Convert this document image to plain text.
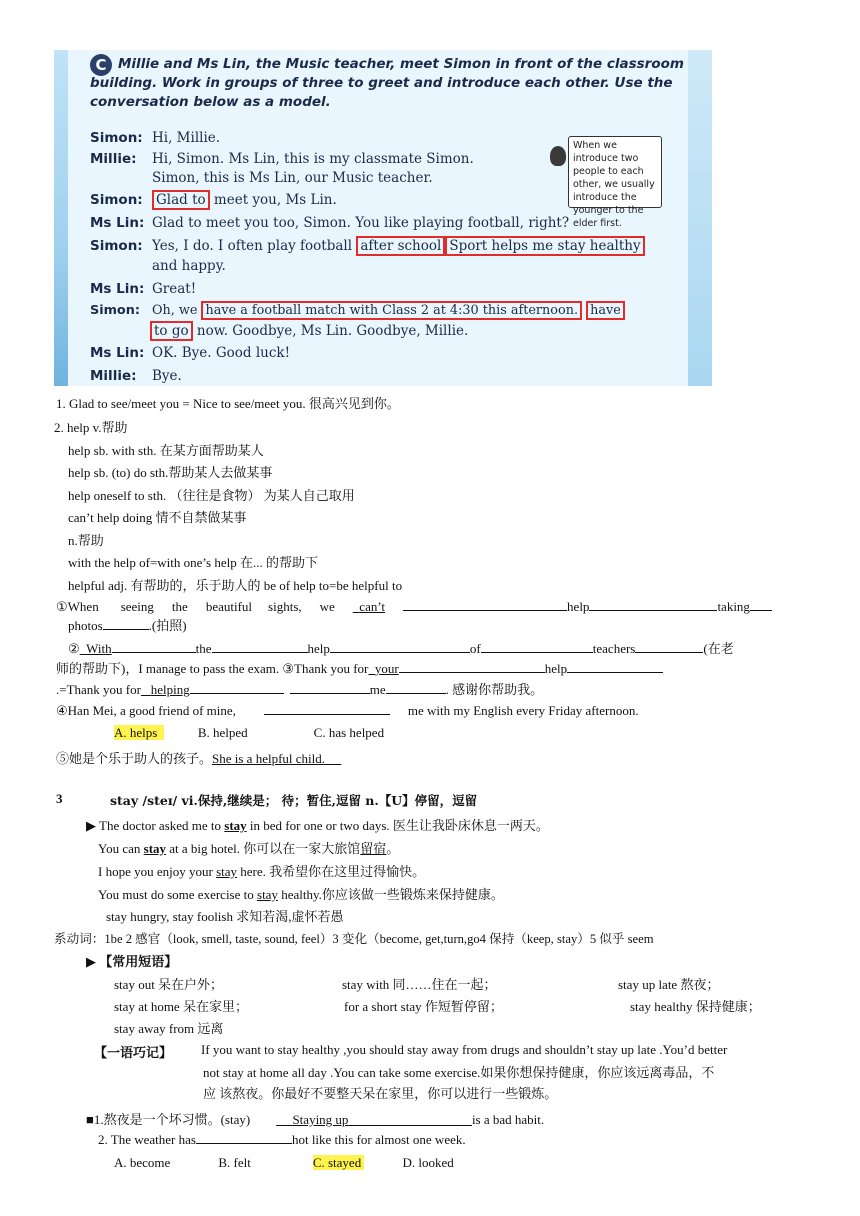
C Millie and Ms Lin, the Music teacher, meet Simon in front of the classroom building. Work in groups of three to greet and introduce each other. Use the conversation below as a model.
Simon: Hi, Millie.
Millie: Hi, Simon. Ms Lin, this is my classmate Simon.
Simon, this is Ms Lin, our Music teacher.
Simon: Glad to meet you, Ms Lin.
Ms Lin: Glad to meet you too, Simon. You like playing football, right?
Simon: Yes, I do. I often play football after school Sport helps me stay healthy
and happy.
Ms Lin: Great!
Simon: Oh, we have a football match with Class 2 at 4:30 this afternoon. have
to go now. Goodbye, Ms Lin. Goodbye, Millie.
Ms Lin: OK. Bye. Good luck!
Millie: Bye.
When we introduce two people to each other, we usually introduce the younger to the elder first.
1. Glad to see/meet you = Nice to see/meet you. 很高兴见到你。
2. help v.帮助
help sb. with sth. 在某方面帮助某人
help sb. (to) do sth.帮助某人去做某事
help oneself to sth. （往往是食物） 为某人自己取用
can’t help doing 情不自禁做某事
n.帮助
with the help of=with one’s help 在... 的帮助下
helpful adj. 有帮助的，乐于助人的 be of help to=be helpful to
①When seeing the beautiful sights, we can’t	help	taking
photos	.(拍照)
② With	the	help	of	teachers	(在老
师的帮助下)，I manage to pass the exam. ③Thank you for your	help
.=Thank you for helping	me	. 感谢你帮助我。
④Han Mei, a good friend of mine,	me with my English every Friday afternoon.
A. helps	B. helped	C. has helped
⑤她是个乐于助人的孩子。She is a helpful child.
3	stay /steɪ/ vi.保持,继续是； 待；暂住,逗留 n.【U】停留，逗留
▶ The doctor asked me to stay in bed for one or two days. 医生让我卧床休息一两天。
You can stay at a big hotel. 你可以在一家大旅馆留宿。
I hope you enjoy your stay here. 我希望你在这里过得愉快。
You must do some exercise to stay healthy.你应该做一些锻炼来保持健康。
stay hungry, stay foolish 求知若渴,虚怀若愚
系动词：1be 2 感官（look, smell, taste, sound, feel）3 变化（become, get,turn,go4 保持（keep, stay）5 似乎 seem
▶ 【常用短语】
stay out 呆在户外；	stay with 同……住在一起；	stay up late 熬夜；
stay at home 呆在家里；	for a short stay 作短暂停留；	stay healthy 保持健康；
stay away from 远离
【一语巧记】 If you want to stay healthy ,you should stay away from drugs and shouldn’t stay up late .You’d better
not stay at home all day .You can take some exercise.如果你想保持健康，你应该远离毒品，不
应 该熬夜。你最好不要整天呆在家里，你可以进行一些锻炼。
■1.熬夜是一个坏习惯。(stay)	Staying up	is a bad habit.
2. The weather has	hot like this for almost one week.
A. become	B. felt	C. stayed	D. looked
